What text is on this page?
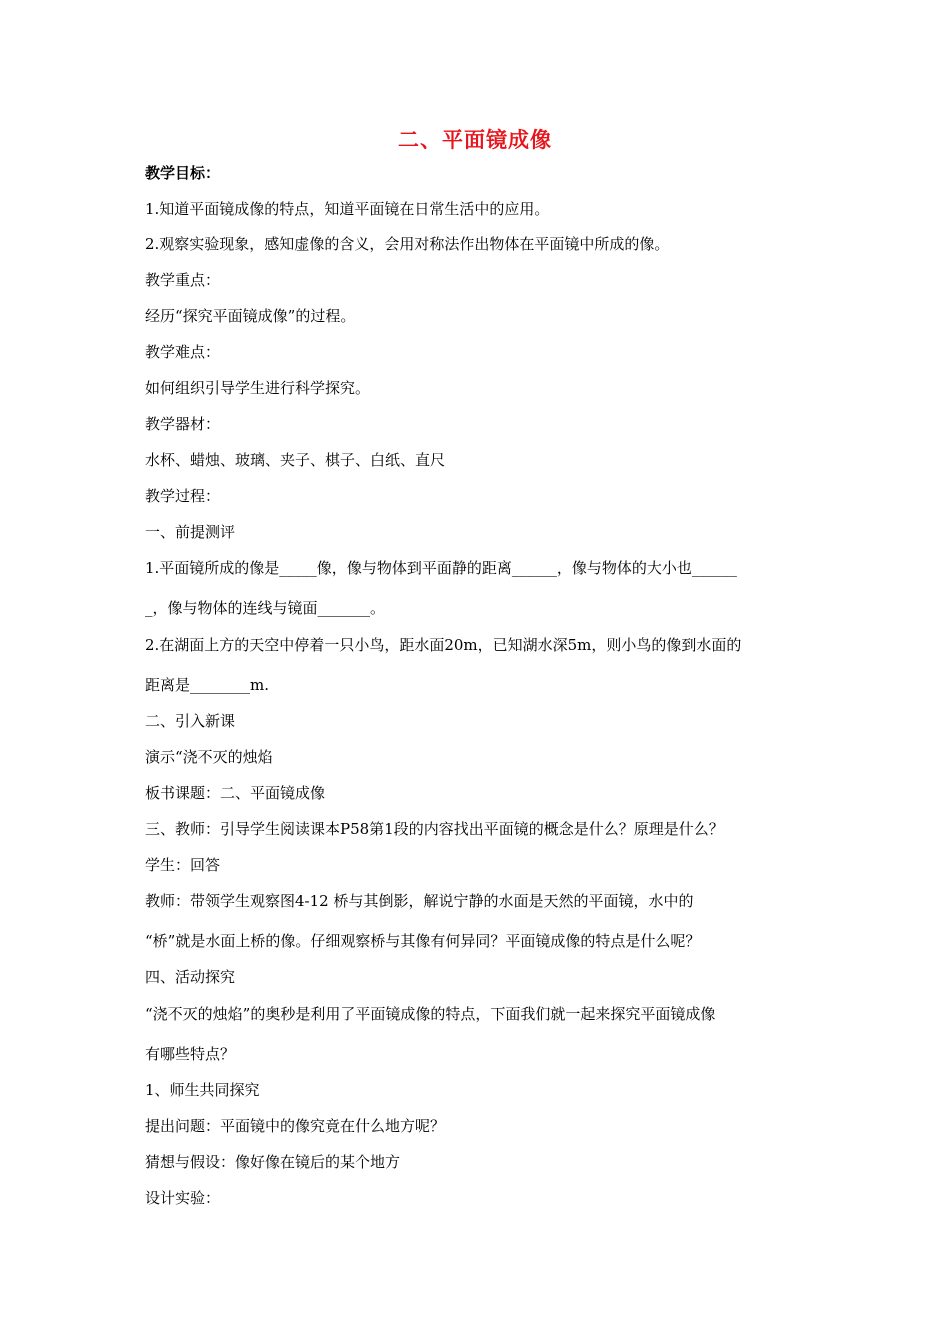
二、平面镜成像
教学目标：
1.知道平面镜成像的特点，知道平面镜在日常生活中的应用。
2.观察实验现象，感知虚像的含义，会用对称法作出物体在平面镜中所成的像。
教学重点：
经历“探究平面镜成像”的过程。
教学难点：
如何组织引导学生进行科学探究。
教学器材：
水杯、蜡烛、玻璃、夹子、棋子、白纸、直尺
教学过程：
一、前提测评
1.平面镜所成的像是_____像，像与物体到平面静的距离______，像与物体的大小也______
_，像与物体的连线与镜面_______。
2.在湖面上方的天空中停着一只小鸟，距水面20m，已知湖水深5m，则小鸟的像到水面的
距离是________m.
二、引入新课
演示“浇不灭的烛焰
板书课题：二、平面镜成像
三、教师：引导学生阅读课本P58第1段的内容找出平面镜的概念是什么？原理是什么？
学生：回答
教师：带领学生观察图4-12 桥与其倒影，解说宁静的水面是天然的平面镜，水中的
“桥”就是水面上桥的像。仔细观察桥与其像有何异同？平面镜成像的特点是什么呢？
四、活动探究
“浇不灭的烛焰”的奥秒是利用了平面镜成像的特点，下面我们就一起来探究平面镜成像
有哪些特点？
1、师生共同探究
提出问题：平面镜中的像究竟在什么地方呢？
猜想与假设：像好像在镜后的某个地方
设计实验：
